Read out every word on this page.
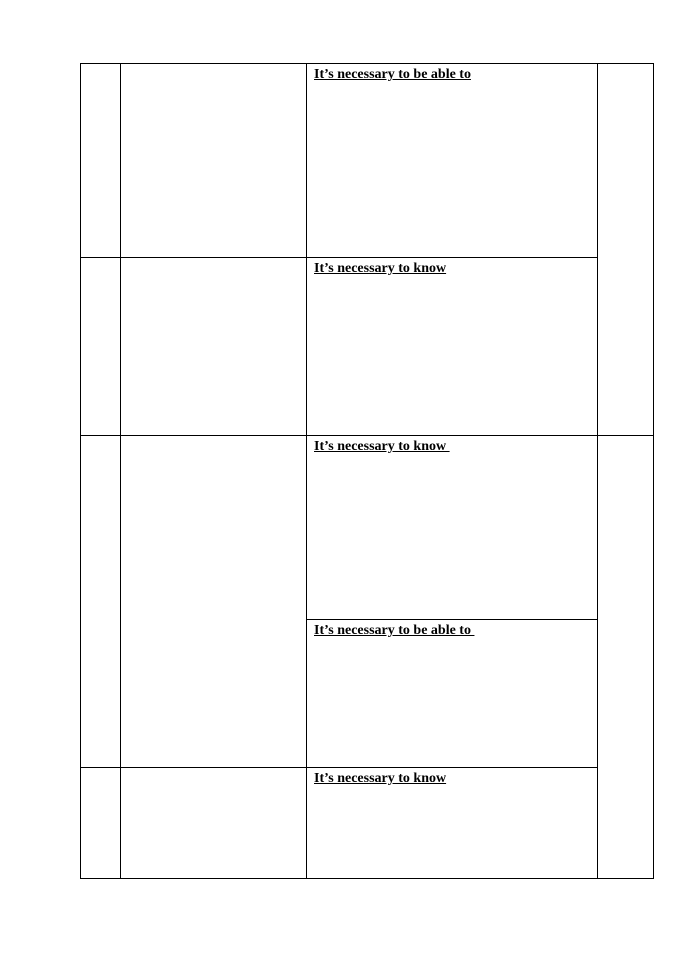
It’s necessary to be able to

It’s necessary to know

It’s necessary to know

It’s necessary to be able to

It’s necessary to know
